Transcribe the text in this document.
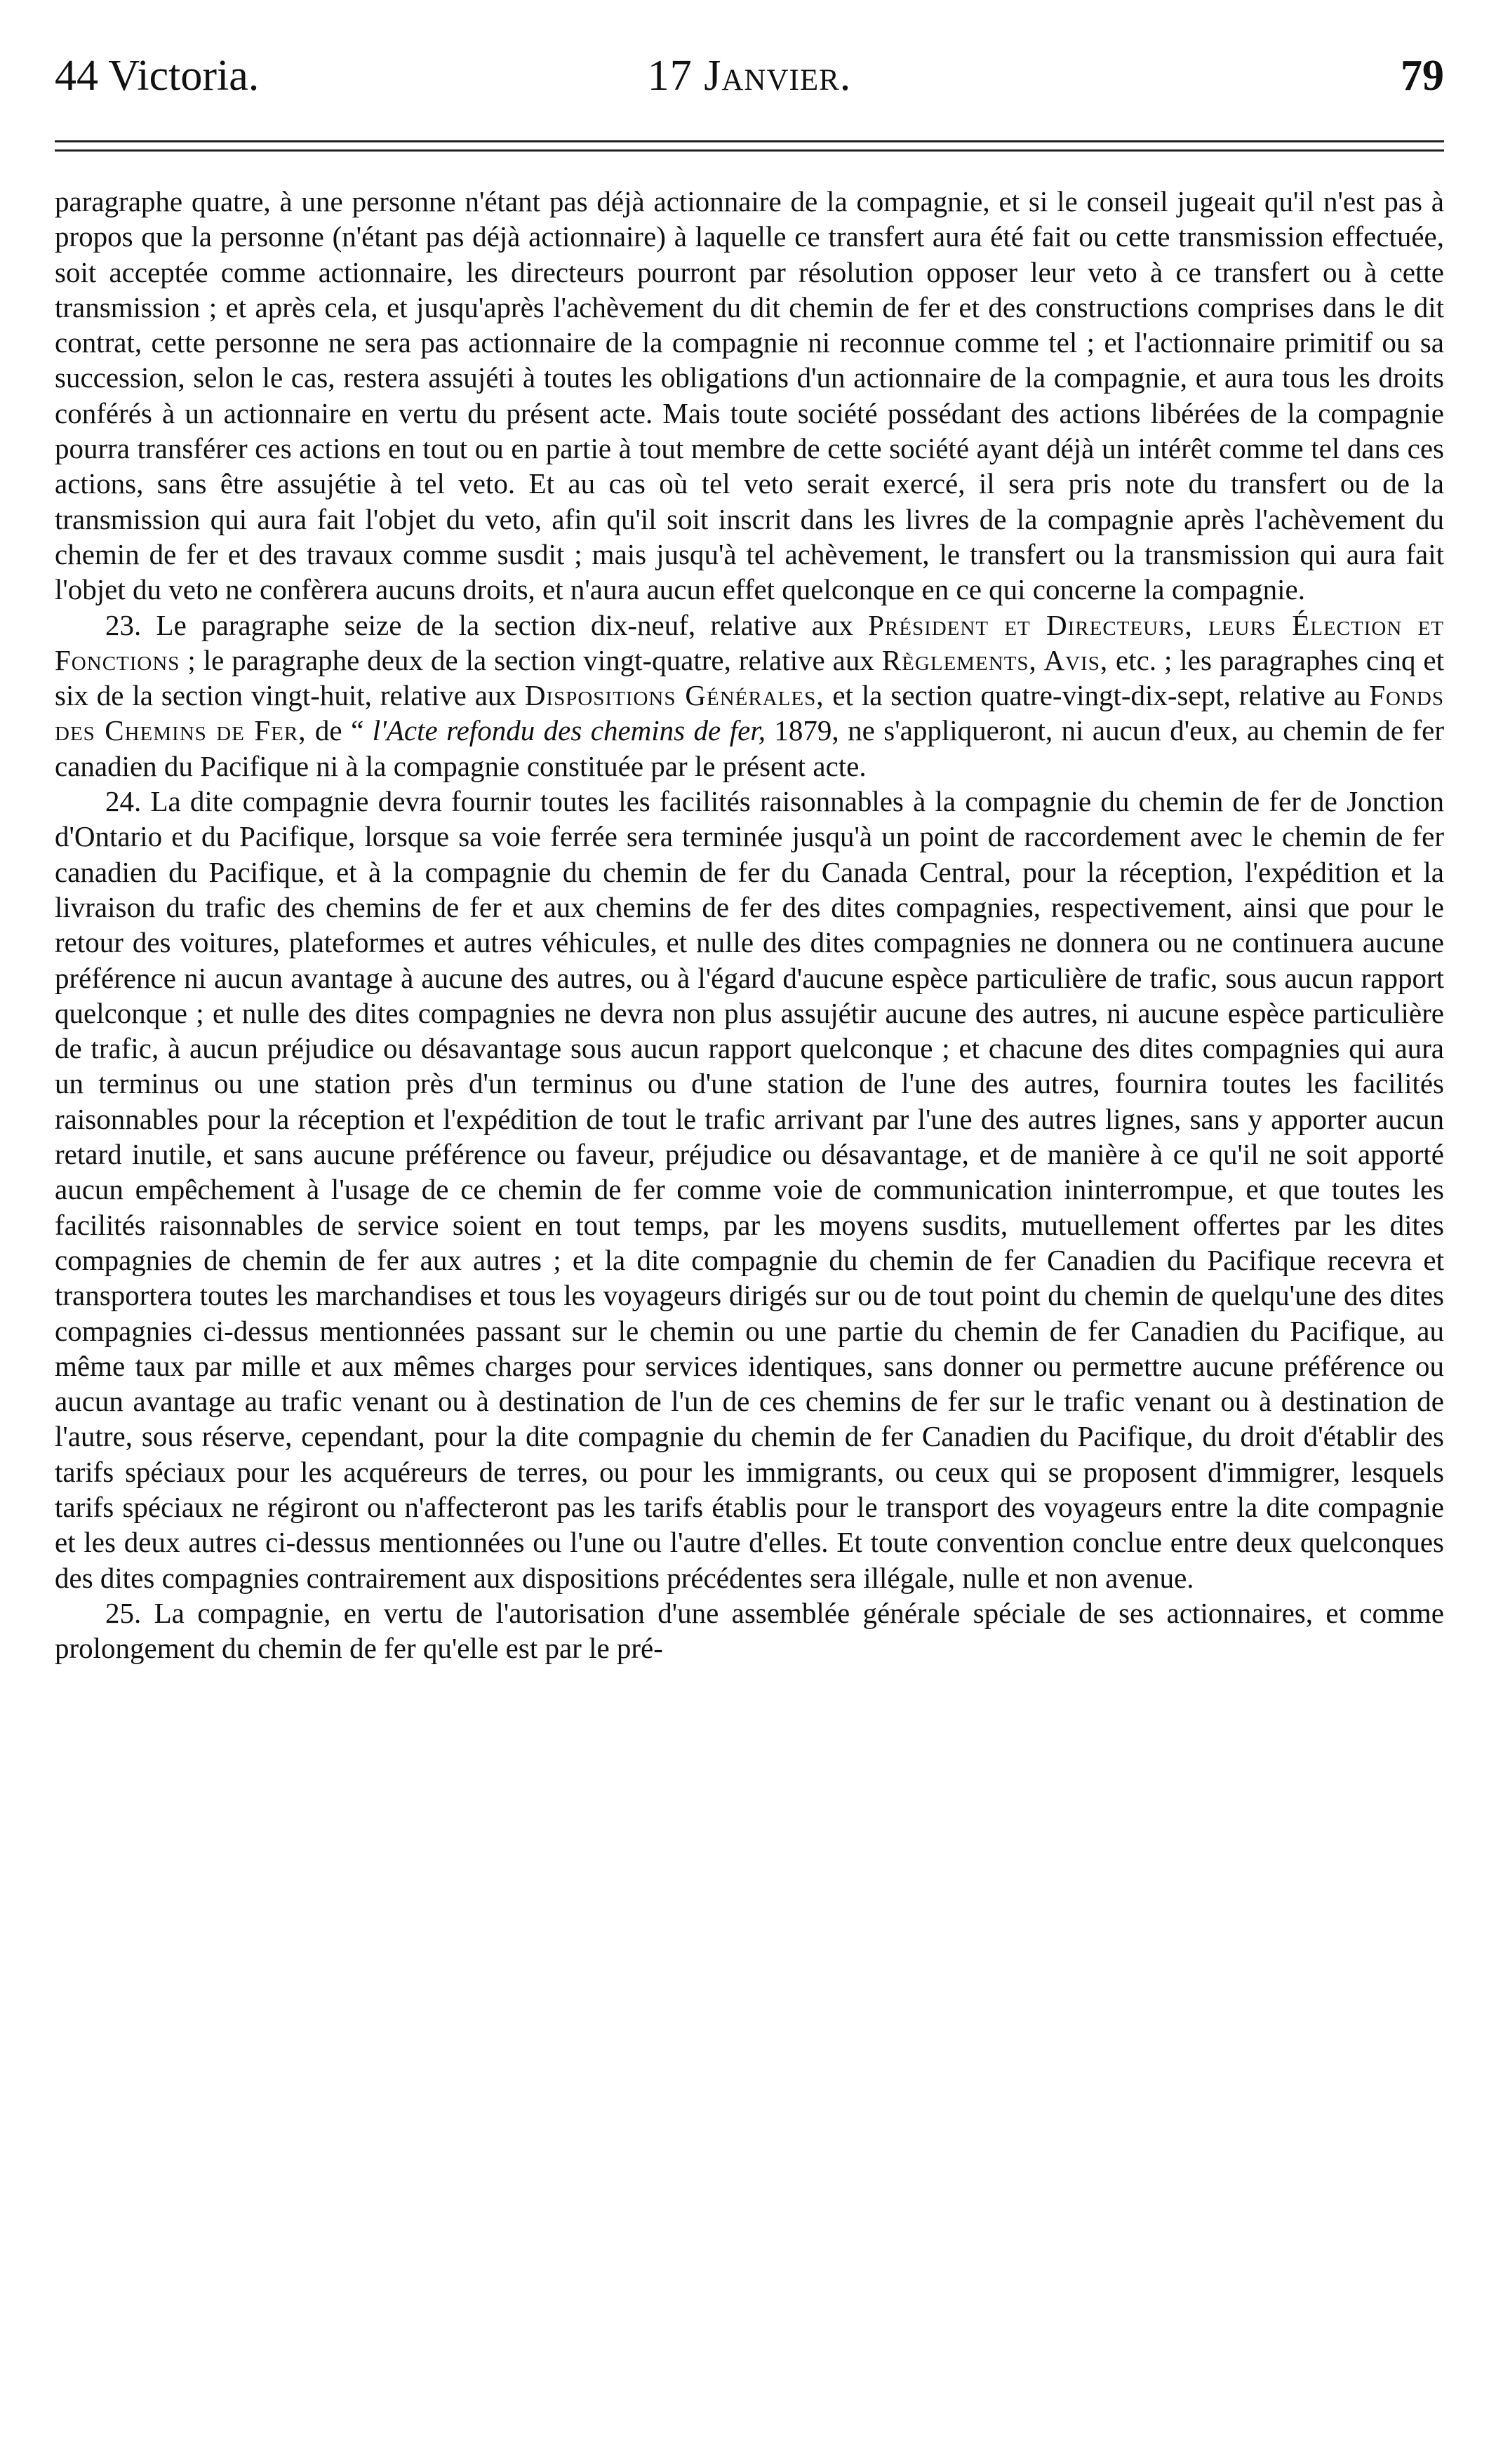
44 Victoria.	17 Janvier.	79

paragraphe quatre, à une personne n'étant pas déjà actionnaire de la compagnie, et si le conseil jugeait qu'il n'est pas à propos que la personne (n'étant pas déjà actionnaire) à laquelle ce transfert aura été fait ou cette transmission effectuée, soit acceptée comme actionnaire, les directeurs pourront par résolution opposer leur veto à ce transfert ou à cette transmission ; et après cela, et jusqu'après l'achèvement du dit chemin de fer et des constructions comprises dans le dit contrat, cette personne ne sera pas actionnaire de la compagnie ni reconnue comme tel ; et l'actionnaire primitif ou sa succession, selon le cas, restera assujéti à toutes les obligations d'un actionnaire de la compagnie, et aura tous les droits conférés à un actionnaire en vertu du présent acte. Mais toute société possédant des actions libérées de la compagnie pourra transférer ces actions en tout ou en partie à tout membre de cette société ayant déjà un intérêt comme tel dans ces actions, sans être assujétie à tel veto. Et au cas où tel veto serait exercé, il sera pris note du transfert ou de la transmission qui aura fait l'objet du veto, afin qu'il soit inscrit dans les livres de la compagnie après l'achèvement du chemin de fer et des travaux comme susdit ; mais jusqu'à tel achèvement, le transfert ou la transmission qui aura fait l'objet du veto ne confèrera aucuns droits, et n'aura aucun effet quelconque en ce qui concerne la compagnie.

23. Le paragraphe seize de la section dix-neuf, relative aux Président et Directeurs, leurs Élection et Fonctions ; le paragraphe deux de la section vingt-quatre, relative aux Règlements, Avis, etc. ; les paragraphes cinq et six de la section vingt-huit, relative aux Dispositions Générales, et la section quatre-vingt-dix-sept, relative au Fonds des Chemins de Fer, de “ l'Acte refondu des chemins de fer, 1879, ne s'appliqueront, ni aucun d'eux, au chemin de fer canadien du Pacifique ni à la compagnie constituée par le présent acte.

24. La dite compagnie devra fournir toutes les facilités raisonnables à la compagnie du chemin de fer de Jonction d'Ontario et du Pacifique, lorsque sa voie ferrée sera terminée jusqu'à un point de raccordement avec le chemin de fer canadien du Pacifique, et à la compagnie du chemin de fer du Canada Central, pour la réception, l'expédition et la livraison du trafic des chemins de fer et aux chemins de fer des dites compagnies, respectivement, ainsi que pour le retour des voitures, plateformes et autres véhicules, et nulle des dites compagnies ne donnera ou ne continuera aucune préférence ni aucun avantage à aucune des autres, ou à l'égard d'aucune espèce particulière de trafic, sous aucun rapport quelconque ; et nulle des dites compagnies ne devra non plus assujétir aucune des autres, ni aucune espèce particulière de trafic, à aucun préjudice ou désavantage sous aucun rapport quelconque ; et chacune des dites compagnies qui aura un terminus ou une station près d'un terminus ou d'une station de l'une des autres, fournira toutes les facilités raisonnables pour la réception et l'expédition de tout le trafic arrivant par l'une des autres lignes, sans y apporter aucun retard inutile, et sans aucune préférence ou faveur, préjudice ou désavantage, et de manière à ce qu'il ne soit apporté aucun empêchement à l'usage de ce chemin de fer comme voie de communication ininterrompue, et que toutes les facilités raisonnables de service soient en tout temps, par les moyens susdits, mutuellement offertes par les dites compagnies de chemin de fer aux autres ; et la dite compagnie du chemin de fer Canadien du Pacifique recevra et transportera toutes les marchandises et tous les voyageurs dirigés sur ou de tout point du chemin de quelqu'une des dites compagnies ci-dessus mentionnées passant sur le chemin ou une partie du chemin de fer Canadien du Pacifique, au même taux par mille et aux mêmes charges pour services identiques, sans donner ou permettre aucune préférence ou aucun avantage au trafic venant ou à destination de l'un de ces chemins de fer sur le trafic venant ou à destination de l'autre, sous réserve, cependant, pour la dite compagnie du chemin de fer Canadien du Pacifique, du droit d'établir des tarifs spéciaux pour les acquéreurs de terres, ou pour les immigrants, ou ceux qui se proposent d'immigrer, lesquels tarifs spéciaux ne régiront ou n'affecteront pas les tarifs établis pour le transport des voyageurs entre la dite compagnie et les deux autres ci-dessus mentionnées ou l'une ou l'autre d'elles. Et toute convention conclue entre deux quelconques des dites compagnies contrairement aux dispositions précédentes sera illégale, nulle et non avenue.

25. La compagnie, en vertu de l'autorisation d'une assemblée générale spéciale de ses actionnaires, et comme prolongement du chemin de fer qu'elle est par le pré-
